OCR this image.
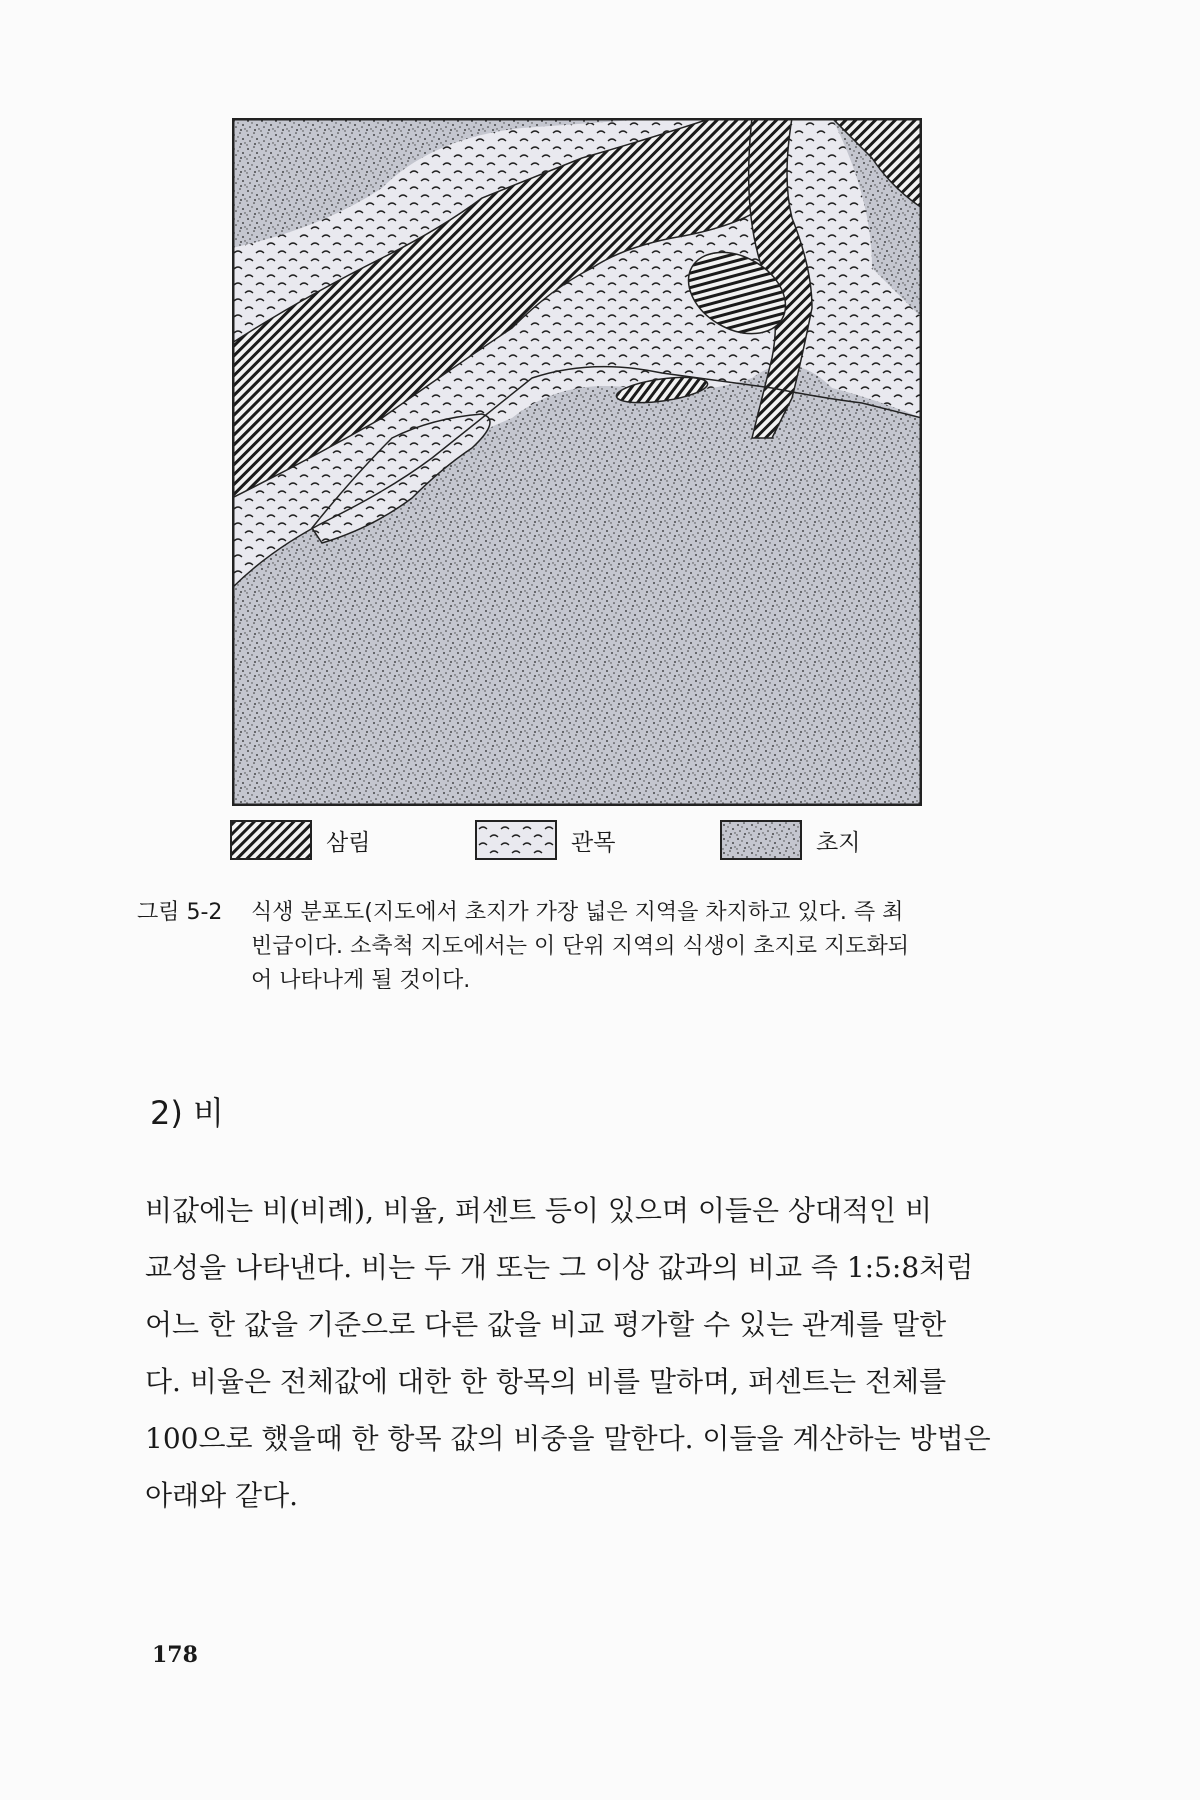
삼림	관목	초지
그림 5-2 식생 분포도(지도에서 초지가 가장 넓은 지역을 차지하고 있다. 즉 최
빈급이다. 소축척 지도에서는 이 단위 지역의 식생이 초지로 지도화되
어 나타나게 될 것이다.
2) 비
비값에는 비(비례), 비율, 퍼센트 등이 있으며 이들은 상대적인 비
교성을 나타낸다. 비는 두 개 또는 그 이상 값과의 비교 즉 1:5:8처럼
어느 한 값을 기준으로 다른 값을 비교 평가할 수 있는 관계를 말한
다. 비율은 전체값에 대한 한 항목의 비를 말하며, 퍼센트는 전체를
100으로 했을때 한 항목 값의 비중을 말한다. 이들을 계산하는 방법은
아래와 같다.
178
